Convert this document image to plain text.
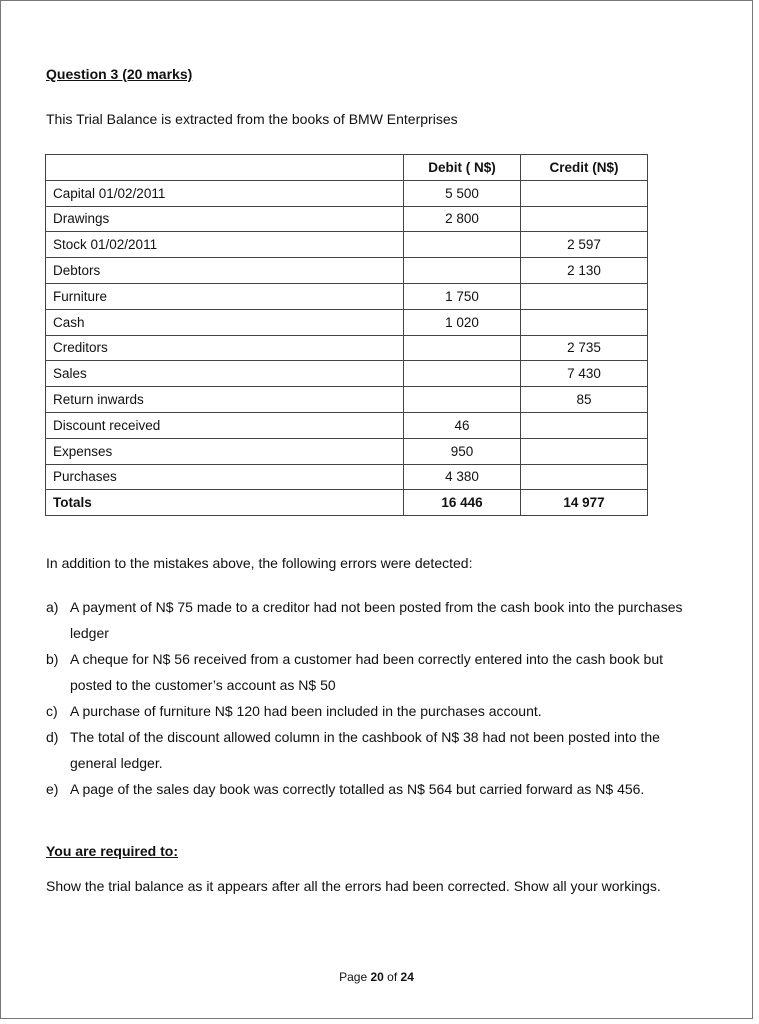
Question 3 (20 marks)
This Trial Balance is extracted from the books of BMW Enterprises
	Debit ( N$)	Credit (N$)
Capital 01/02/2011	5 500	
Drawings	2 800	
Stock 01/02/2011		2 597
Debtors		2 130
Furniture	1 750	
Cash	1 020	
Creditors		2 735
Sales		7 430
Return inwards		85
Discount received	46	
Expenses	950	
Purchases	4 380	
Totals	16 446	14 977
In addition to the mistakes above, the following errors were detected:
a) A payment of N$ 75 made to a creditor had not been posted from the cash book into the purchases ledger
b) A cheque for N$ 56 received from a customer had been correctly entered into the cash book but posted to the customer’s account as N$ 50
c) A purchase of furniture N$ 120 had been included in the purchases account.
d) The total of the discount allowed column in the cashbook of N$ 38 had not been posted into the general ledger.
e) A page of the sales day book was correctly totalled as N$ 564 but carried forward as N$ 456.
You are required to:
Show the trial balance as it appears after all the errors had been corrected. Show all your workings.
Page 20 of 24
